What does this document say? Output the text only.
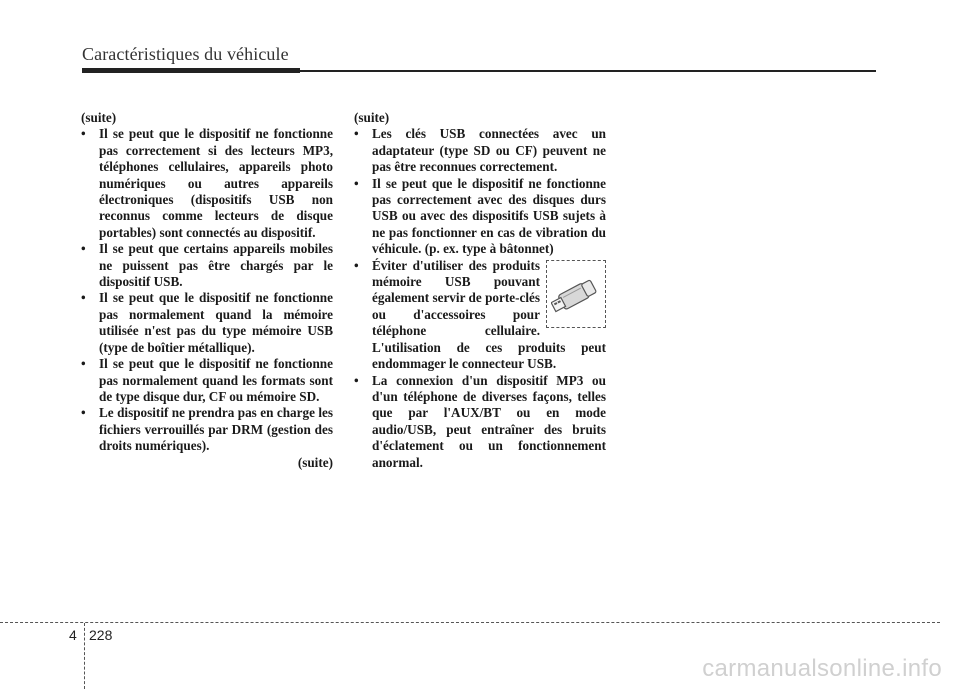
Caractéristiques du véhicule

(suite)

• Il se peut que le dispositif ne fonctionne pas correctement si des lecteurs MP3, téléphones cellulaires, appareils photo numériques ou autres appareils électroniques (dispositifs USB non reconnus comme lecteurs de disque portables) sont connectés au dispositif.

• Il se peut que certains appareils mobiles ne puissent pas être chargés par le dispositif USB.

• Il se peut que le dispositif ne fonctionne pas normalement quand la mémoire utilisée n'est pas du type mémoire USB (type de boîtier métallique).

• Il se peut que le dispositif ne fonctionne pas normalement quand les formats sont de type disque dur, CF ou mémoire SD.

• Le dispositif ne prendra pas en charge les fichiers verrouillés par DRM (gestion des droits numériques).

(suite)

(suite)

• Les clés USB connectées avec un adaptateur (type SD ou CF) peuvent ne pas être reconnues correctement.

• Il se peut que le dispositif ne fonctionne pas correctement avec des disques durs USB ou avec des dispositifs USB sujets à ne pas fonctionner en cas de vibration du véhicule. (p. ex. type à bâtonnet)

• Éviter d'utiliser des produits mémoire USB pouvant également servir de porte-clés ou d'accessoires pour téléphone cellulaire. L'utilisation de ces produits peut endommager le connecteur USB.

• La connexion d'un dispositif MP3 ou d'un téléphone de diverses façons, telles que par l'AUX/BT ou en mode audio/USB, peut entraîner des bruits d'éclatement ou un fonctionnement anormal.

4 228
carmanualsonline.info
